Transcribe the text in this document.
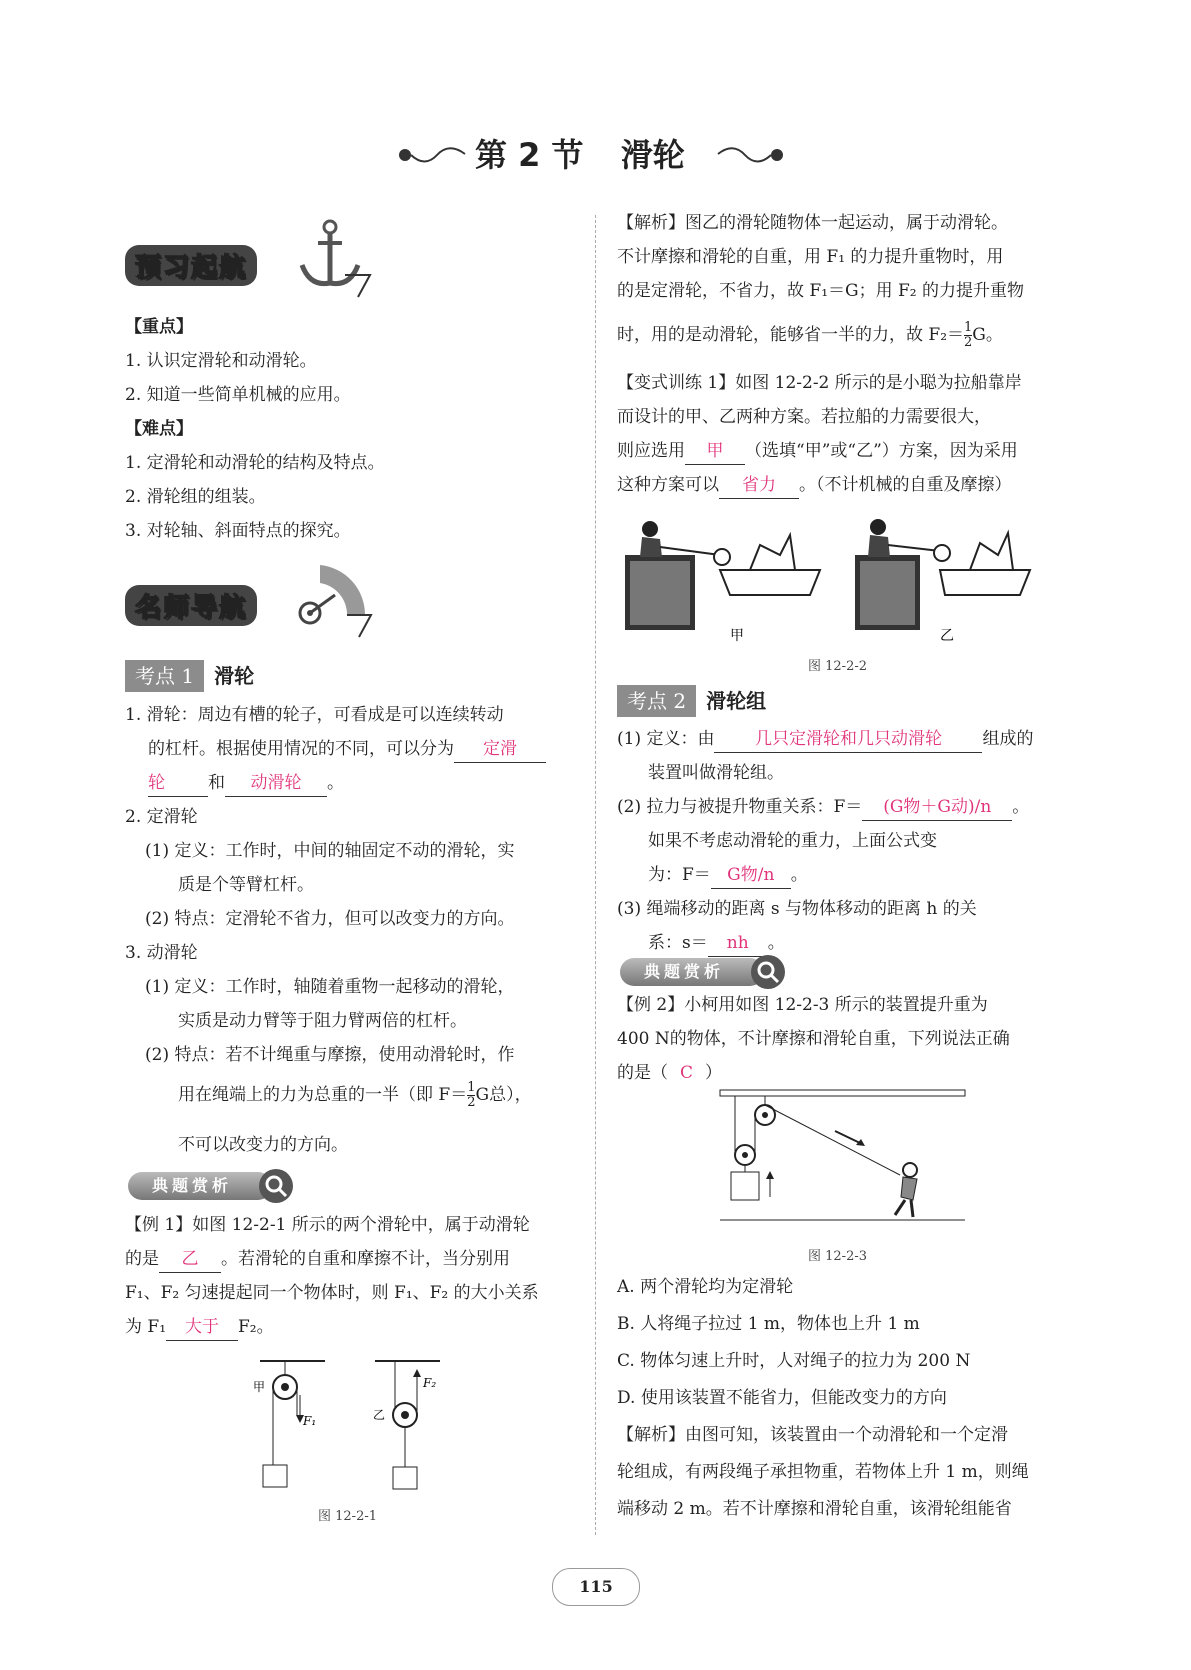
第 2 节 滑轮
预习起航
【重点】
1. 认识定滑轮和动滑轮。
2. 知道一些简单机械的应用。
【难点】
1. 定滑轮和动滑轮的结构及特点。
2. 滑轮组的组装。
3. 对轮轴、斜面特点的探究。
名师导航
考点 1 滑轮
1. 滑轮：周边有槽的轮子，可看成是可以连续转动
的杠杆。根据使用情况的不同，可以分为 定滑
轮	和 动滑轮 。
2. 定滑轮
(1) 定义：工作时，中间的轴固定不动的滑轮，实
质是个等臂杠杆。
(2) 特点：定滑轮不省力，但可以改变力的方向。
3. 动滑轮
(1) 定义：工作时，轴随着重物一起移动的滑轮，
实质是动力臂等于阻力臂两倍的杠杆。
(2) 特点：若不计绳重与摩擦，使用动滑轮时，作
用在绳端上的力为总重的一半（即 $F= \frac{1}{2}$ G总），
不可以改变力的方向。
典题赏析
【例 1】如图 12-2-1 所示的两个滑轮中，属于动滑轮
的是 乙 。若滑轮的自重和摩擦不计，当分别用
F₁、F₂ 匀速提起同一个物体时，则 F₁、F₂ 的大小关系
为 F₁ 大于 F₂。
甲
F₁	乙
F₂
图 12-2-1
【解析】图乙的滑轮随物体一起运动，属于动滑轮。
不计摩擦和滑轮的自重，用 F₁ 的力提升重物时，用
的是定滑轮，不省力，故 F₁＝G；用 F₂ 的力提升重物
时，用的是动滑轮，能够省一半的力，故 $F_2= \frac{1}{2}$ G。
【变式训练 1】如图 12-2-2 所示的是小聪为拉船靠岸
而设计的甲、乙两种方案。若拉船的力需要很大，
则应选用 甲 （选填“甲”或“乙”）方案，因为采用
这种方案可以 省力 。（不计机械的自重及摩擦）
甲	乙
图 12-2-2
考点 2 滑轮组
(1) 定义：由 几只定滑轮和几只动滑轮 组成的
装置叫做滑轮组。
(2) 拉力与被提升物重关系：F＝ (G物＋G动)/n 。
如果不考虑动滑轮的重力，上面公式变
为：F＝ G物/n 。
(3) 绳端移动的距离 s 与物体移动的距离 h 的关
系：s＝ nh 。
典题赏析
【例 2】小柯用如图 12-2-3 所示的装置提升重为
400 N的物体，不计摩擦和滑轮自重，下列说法正确
的是（ C ）
图 12-2-3
A. 两个滑轮均为定滑轮
B. 人将绳子拉过 1 m，物体也上升 1 m
C. 物体匀速上升时，人对绳子的拉力为 200 N
D. 使用该装置不能省力，但能改变力的方向
【解析】由图可知，该装置由一个动滑轮和一个定滑
轮组成，有两段绳子承担物重，若物体上升 1 m，则绳
端移动 2 m。若不计摩擦和滑轮自重，该滑轮组能省
115
